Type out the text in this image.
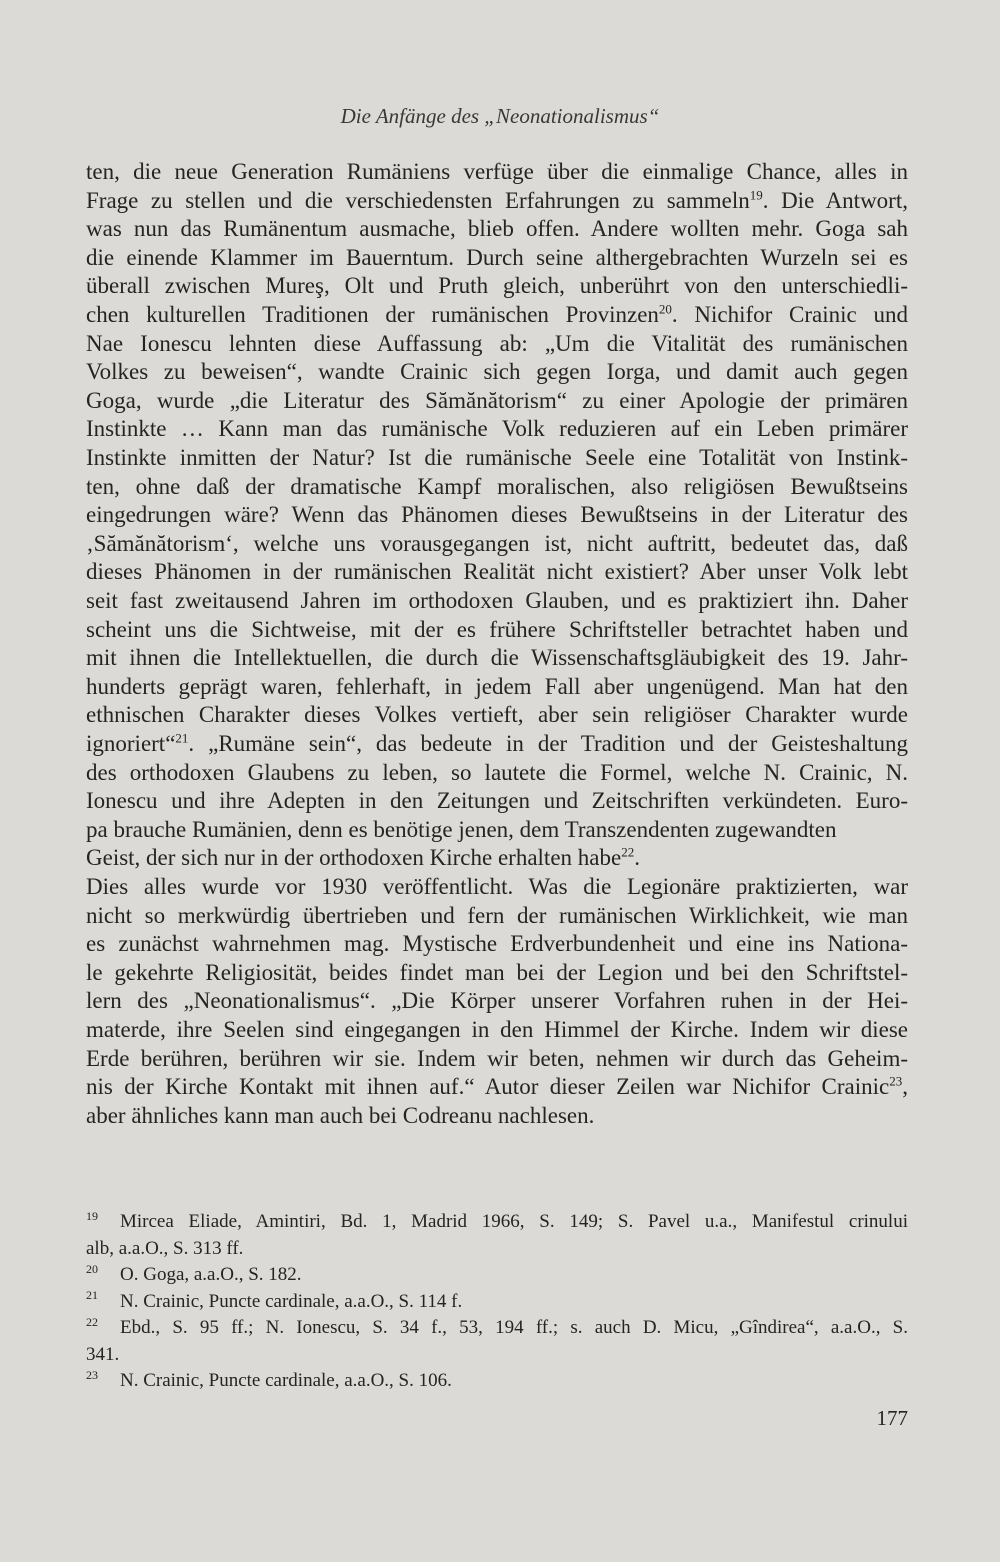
Die Anfänge des „Neonationalismus“
ten, die neue Generation Rumäniens verfüge über die einmalige Chance, alles in
Frage zu stellen und die verschiedensten Erfahrungen zu sammeln$^{19}$. Die Antwort,
was nun das Rumänentum ausmache, blieb offen. Andere wollten mehr. Goga sah
die einende Klammer im Bauerntum. Durch seine althergebrachten Wurzeln sei es
überall zwischen Mureş, Olt und Pruth gleich, unberührt von den unterschiedli-
chen kulturellen Traditionen der rumänischen Provinzen$^{20}$. Nichifor Crainic und
Nae Ionescu lehnten diese Auffassung ab: „Um die Vitalität des rumänischen
Volkes zu beweisen“, wandte Crainic sich gegen Iorga, und damit auch gegen
Goga, wurde „die Literatur des Sămănătorism“ zu einer Apologie der primären
Instinkte … Kann man das rumänische Volk reduzieren auf ein Leben primärer
Instinkte inmitten der Natur? Ist die rumänische Seele eine Totalität von Instink-
ten, ohne daß der dramatische Kampf moralischen, also religiösen Bewußtseins
eingedrungen wäre? Wenn das Phänomen dieses Bewußtseins in der Literatur des
‚Sămănătorism‘, welche uns vorausgegangen ist, nicht auftritt, bedeutet das, daß
dieses Phänomen in der rumänischen Realität nicht existiert? Aber unser Volk lebt
seit fast zweitausend Jahren im orthodoxen Glauben, und es praktiziert ihn. Daher
scheint uns die Sichtweise, mit der es frühere Schriftsteller betrachtet haben und
mit ihnen die Intellektuellen, die durch die Wissenschaftsgläubigkeit des 19. Jahr-
hunderts geprägt waren, fehlerhaft, in jedem Fall aber ungenügend. Man hat den
ethnischen Charakter dieses Volkes vertieft, aber sein religiöser Charakter wurde
ignoriert“$^{21}$. „Rumäne sein“, das bedeute in der Tradition und der Geisteshaltung
des orthodoxen Glaubens zu leben, so lautete die Formel, welche N. Crainic, N.
Ionescu und ihre Adepten in den Zeitungen und Zeitschriften verkündeten. Euro-
pa brauche Rumänien, denn es benötige jenen, dem Transzendenten zugewandten
Geist, der sich nur in der orthodoxen Kirche erhalten habe$^{22}$.
Dies alles wurde vor 1930 veröffentlicht. Was die Legionäre praktizierten, war
nicht so merkwürdig übertrieben und fern der rumänischen Wirklichkeit, wie man
es zunächst wahrnehmen mag. Mystische Erdverbundenheit und eine ins Nationa-
le gekehrte Religiosität, beides findet man bei der Legion und bei den Schriftstel-
lern des „Neonationalismus“. „Die Körper unserer Vorfahren ruhen in der Hei-
materde, ihre Seelen sind eingegangen in den Himmel der Kirche. Indem wir diese
Erde berühren, berühren wir sie. Indem wir beten, nehmen wir durch das Geheim-
nis der Kirche Kontakt mit ihnen auf.“ Autor dieser Zeilen war Nichifor Crainic$^{23}$,
aber ähnliches kann man auch bei Codreanu nachlesen.
19 Mircea Eliade, Amintiri, Bd. 1, Madrid 1966, S. 149; S. Pavel u.a., Manifestul crinului
alb, a.a.O., S. 313 ff.
20 O. Goga, a.a.O., S. 182.
21 N. Crainic, Puncte cardinale, a.a.O., S. 114 f.
22 Ebd., S. 95 ff.; N. Ionescu, S. 34 f., 53, 194 ff.; s. auch D. Micu, „Gîndirea“, a.a.O., S.
341.
23 N. Crainic, Puncte cardinale, a.a.O., S. 106.
177
